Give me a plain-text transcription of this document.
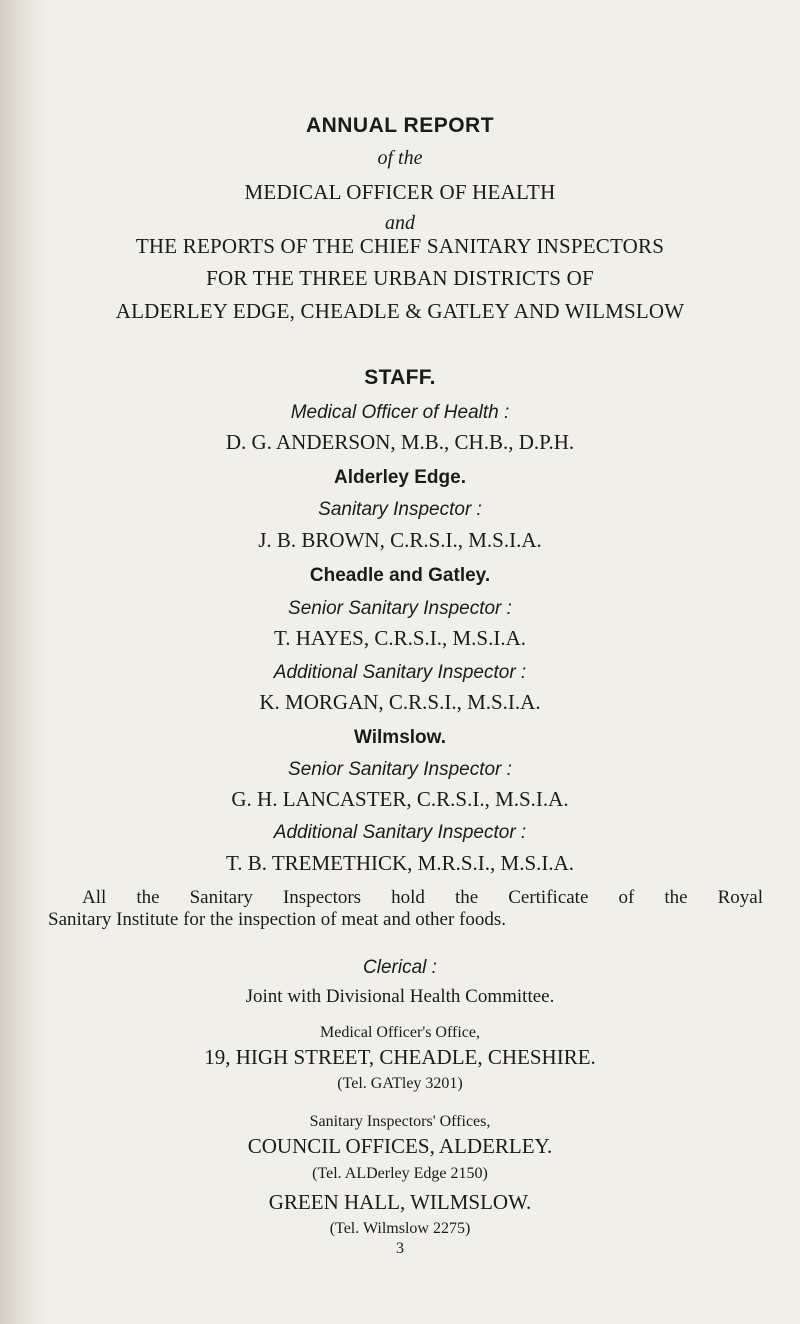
ANNUAL REPORT
of the
MEDICAL OFFICER OF HEALTH
and
THE REPORTS OF THE CHIEF SANITARY INSPECTORS
FOR THE THREE URBAN DISTRICTS OF
ALDERLEY EDGE, CHEADLE & GATLEY AND WILMSLOW
STAFF.
Medical Officer of Health :
D. G. ANDERSON, M.B., CH.B., D.P.H.
Alderley Edge.
Sanitary Inspector :
J. B. BROWN, C.R.S.I., M.S.I.A.
Cheadle and Gatley.
Senior Sanitary Inspector :
T. HAYES, C.R.S.I., M.S.I.A.
Additional Sanitary Inspector :
K. MORGAN, C.R.S.I., M.S.I.A.
Wilmslow.
Senior Sanitary Inspector :
G. H. LANCASTER, C.R.S.I., M.S.I.A.
Additional Sanitary Inspector :
T. B. TREMETHICK, M.R.S.I., M.S.I.A.
All the Sanitary Inspectors hold the Certificate of the Royal
Sanitary Institute for the inspection of meat and other foods.
Clerical :
Joint with Divisional Health Committee.
Medical Officer's Office,
19, HIGH STREET, CHEADLE, CHESHIRE.
(Tel. GATley 3201)
Sanitary Inspectors' Offices,
COUNCIL OFFICES, ALDERLEY.
(Tel. ALDerley Edge 2150)
GREEN HALL, WILMSLOW.
(Tel. Wilmslow 2275)
3
